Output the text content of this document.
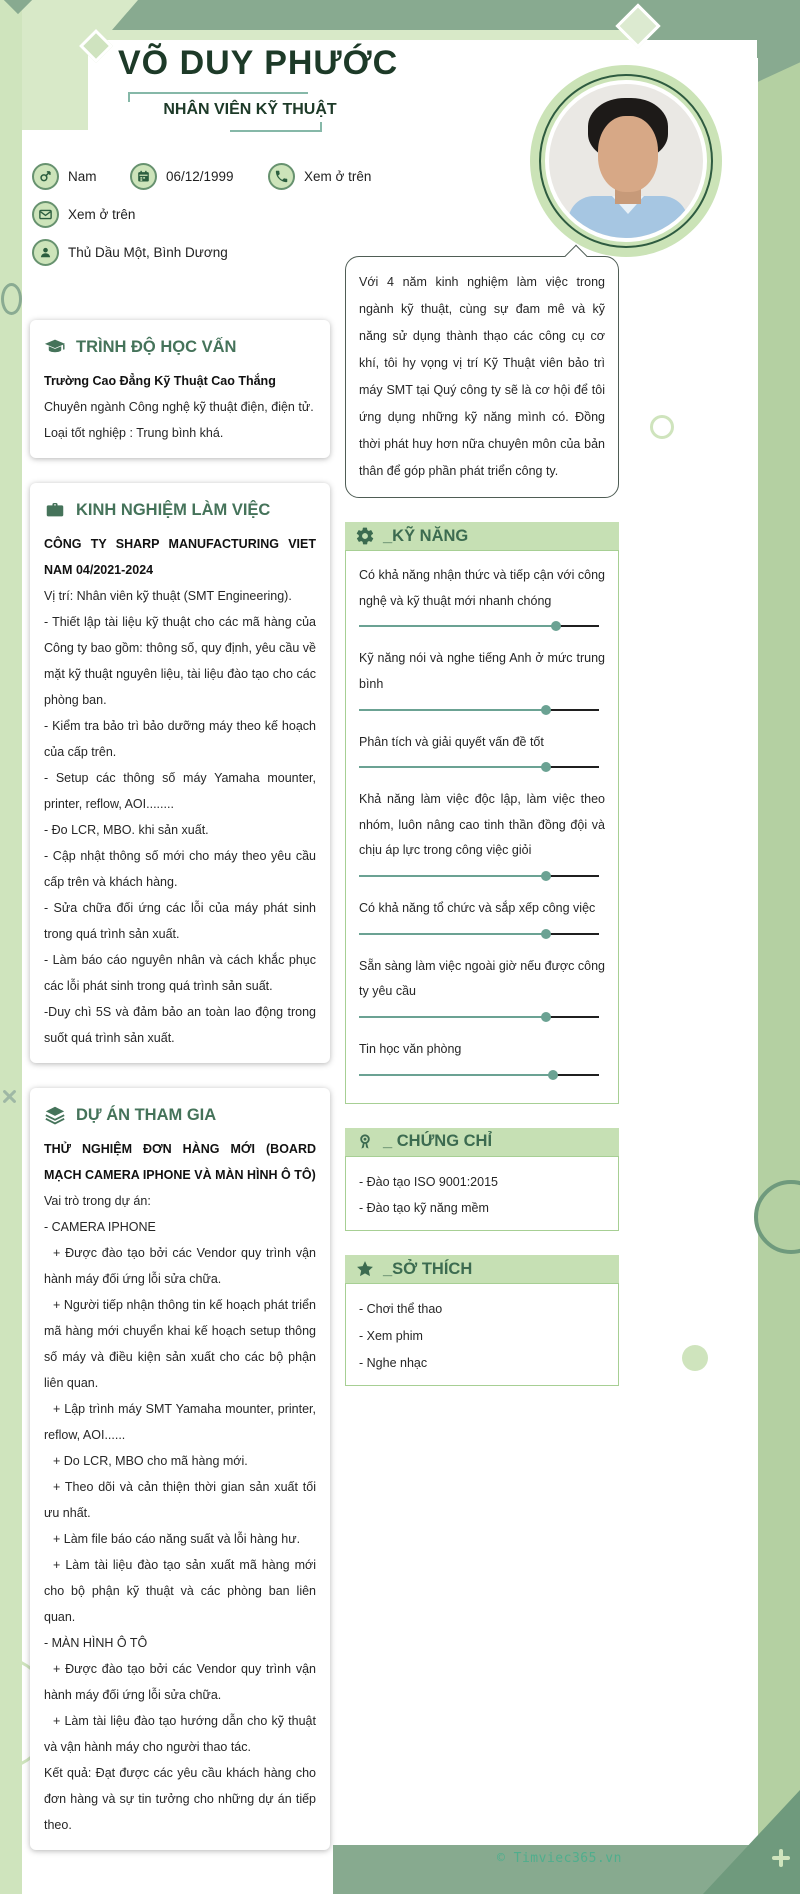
VÕ DUY PHƯỚC
NHÂN VIÊN KỸ THUẬT
Nam	06/12/1999	Xem ở trên
Xem ở trên
Thủ Dầu Một, Bình Dương
TRÌNH ĐỘ HỌC VẤN

Trường Cao Đẳng Kỹ Thuật Cao Thắng

Chuyên ngành Công nghệ kỹ thuật điện, điện tử.

Loại tốt nghiệp : Trung bình khá.

KINH NGHIỆM LÀM VIỆC

CÔNG TY SHARP MANUFACTURING VIET NAM 04/2021-2024

Vị trí: Nhân viên kỹ thuật (SMT Engineering).

- Thiết lập tài liệu kỹ thuật cho các mã hàng của Công ty bao gồm: thông số, quy định, yêu cầu về mặt kỹ thuật nguyên liệu, tài liệu đào tạo cho các phòng ban.

- Kiểm tra bảo trì bảo dưỡng máy theo kế hoạch của cấp trên.

- Setup các thông số máy Yamaha mounter, printer, reflow, AOI........

- Đo LCR, MBO. khi sản xuất.

- Cập nhật thông số mới cho máy theo yêu cầu cấp trên và khách hàng.

- Sửa chữa đối ứng các lỗi của máy phát sinh trong quá trình sản xuất.

- Làm báo cáo nguyên nhân và cách khắc phục các lỗi phát sinh trong quá trình sản suất.

-Duy chì 5S và đảm bảo an toàn lao động trong suốt quá trình sản xuất.

DỰ ÁN THAM GIA

THỬ NGHIỆM ĐƠN HÀNG MỚI (BOARD MẠCH CAMERA IPHONE VÀ MÀN HÌNH Ô TÔ)

Vai trò trong dự án:

- CAMERA IPHONE

+ Được đào tạo bởi các Vendor quy trình vận hành máy đối ứng lỗi sửa chữa.

+ Người tiếp nhận thông tin kế hoạch phát triển mã hàng mới chuyển khai kế hoạch setup thông số máy và điều kiện sản xuất cho các bộ phận liên quan.

+ Lập trình máy SMT Yamaha mounter, printer, reflow, AOI......

+ Do LCR, MBO cho mã hàng mới.

+ Theo dõi và cản thiện thời gian sản xuất tối ưu nhất.

+ Làm file báo cáo năng suất và lỗi hàng hư.

+ Làm tài liệu đào tạo sản xuất mã hàng mới cho bộ phận kỹ thuật và các phòng ban liên quan.

- MÀN HÌNH Ô TÔ

+ Được đào tạo bởi các Vendor quy trình vận hành máy đối ứng lỗi sửa chữa.

+ Làm tài liệu đào tạo hướng dẫn cho kỹ thuật và vận hành máy cho người thao tác.

Kết quả: Đạt được các yêu cầu khách hàng cho đơn hàng và sự tin tưởng cho những dự án tiếp theo.

Với 4 năm kinh nghiệm làm việc trong ngành kỹ thuật, cùng sự đam mê và kỹ năng sử dụng thành thạo các công cụ cơ khí, tôi hy vọng vị trí Kỹ Thuật viên bảo trì máy SMT tại Quý công ty sẽ là cơ hội để tôi ứng dụng những kỹ năng mình có. Đồng thời phát huy hơn nữa chuyên môn của bản thân để góp phần phát triển công ty.
_KỸ NĂNG
Có khả năng nhận thức và tiếp cận với công nghệ và kỹ thuật mới nhanh chóng
Kỹ năng nói và nghe tiếng Anh ở mức trung bình
Phân tích và giải quyết vấn đề tốt
Khả năng làm việc độc lập, làm việc theo nhóm, luôn nâng cao tinh thần đồng đội và chịu áp lực trong công việc giỏi
Có khả năng tổ chức và sắp xếp công việc
Sẵn sàng làm việc ngoài giờ nếu được công ty yêu cầu
Tin học văn phòng
_ CHỨNG CHỈ

- Đào tạo ISO 9001:2015

- Đào tạo kỹ năng mềm

_SỞ THÍCH

- Chơi thể thao

- Xem phim

- Nghe nhạc

© Timviec365.vn
